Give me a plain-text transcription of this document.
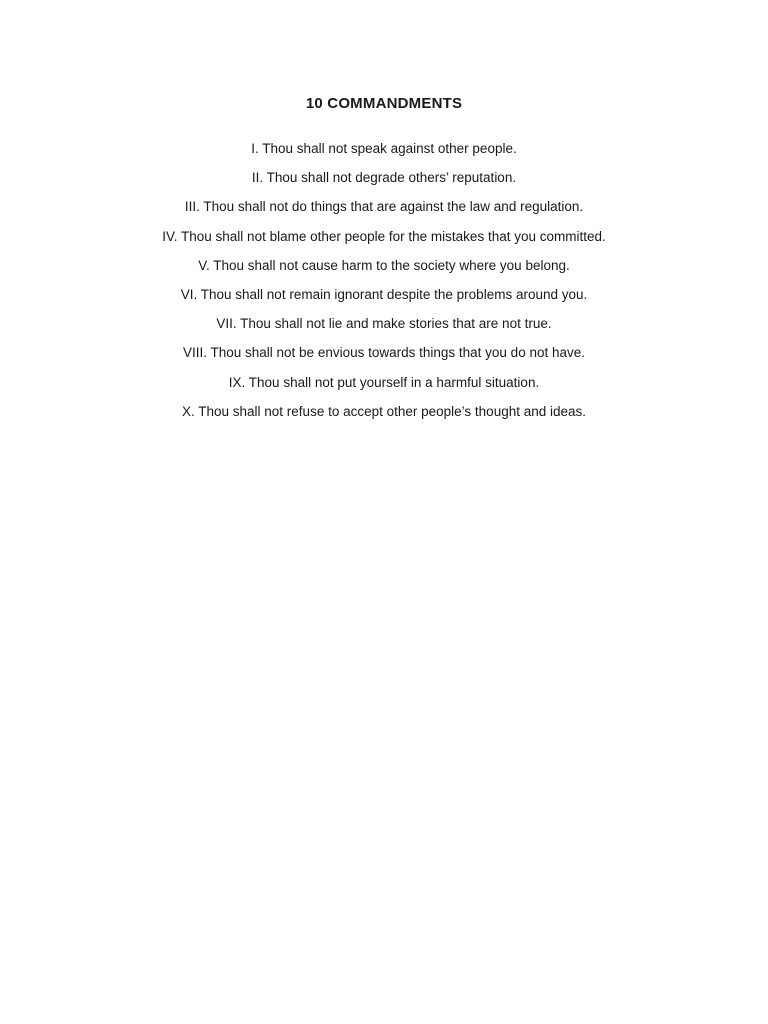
10 COMMANDMENTS
I. Thou shall not speak against other people.
II. Thou shall not degrade others’ reputation.
III. Thou shall not do things that are against the law and regulation.
IV. Thou shall not blame other people for the mistakes that you committed.
V. Thou shall not cause harm to the society where you belong.
VI. Thou shall not remain ignorant despite the problems around you.
VII. Thou shall not lie and make stories that are not true.
VIII. Thou shall not be envious towards things that you do not have.
IX. Thou shall not put yourself in a harmful situation.
X. Thou shall not refuse to accept other people’s thought and ideas.
